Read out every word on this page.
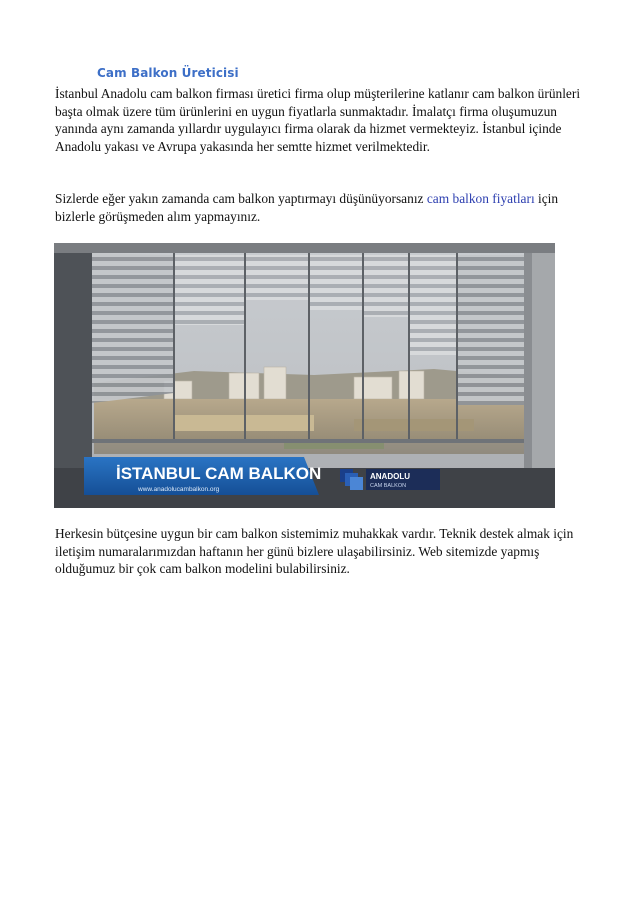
Cam Balkon Üreticisi

İstanbul Anadolu cam balkon firması üretici firma olup müşterilerine katlanır cam balkon ürünleri başta olmak üzere tüm ürünlerini en uygun fiyatlarla sunmaktadır. İmalatçı firma oluşumuzun yanında aynı zamanda yıllardır uygulayıcı firma olarak da hizmet vermekteyiz. İstanbul içinde Anadolu yakası ve Avrupa yakasında her semtte hizmet verilmektedir.

Sizlerde eğer yakın zamanda cam balkon yaptırmayı düşünüyorsanız cam balkon fiyatları için bizlerle görüşmeden alım yapmayınız.

İSTANBUL CAM BALKON
www.anadolucambalkon.org
ANADOLU
CAM BALKON

Herkesin bütçesine uygun bir cam balkon sistemimiz muhakkak vardır. Teknik destek almak için iletişim numaralarımızdan haftanın her günü bizlere ulaşabilirsiniz. Web sitemizde yapmış olduğumuz bir çok cam balkon modelini bulabilirsiniz.
